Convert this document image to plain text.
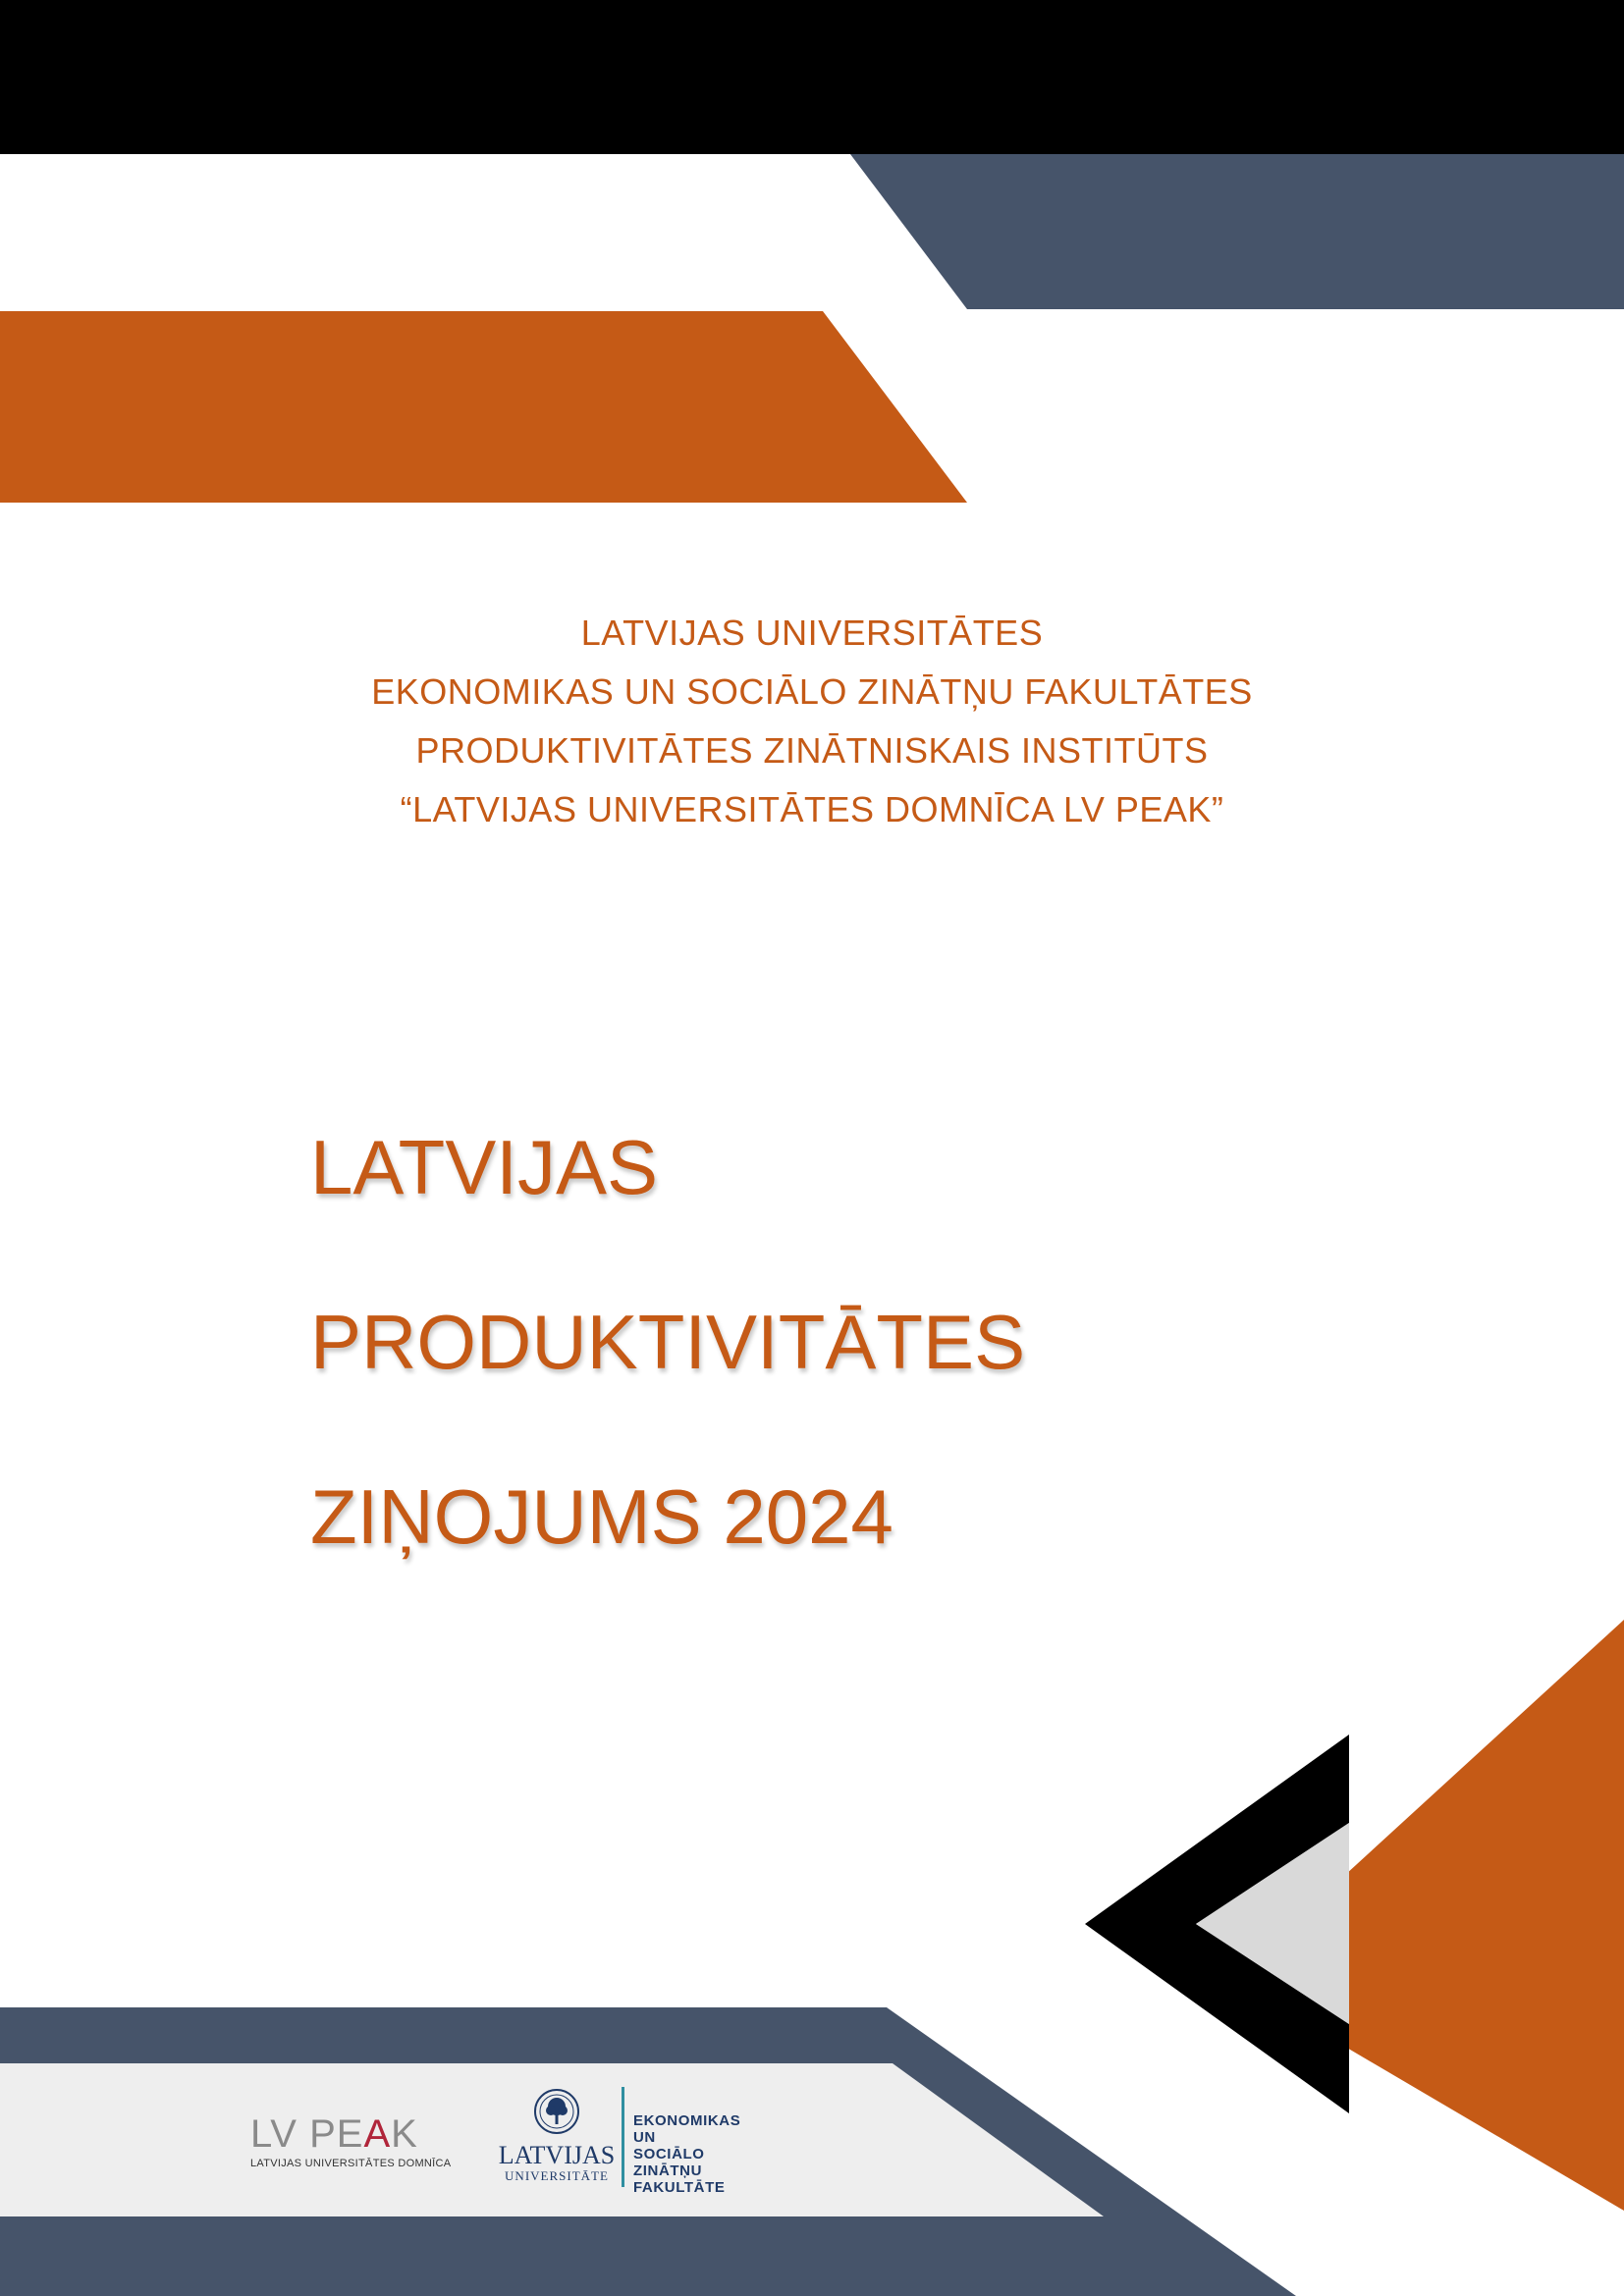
LATVIJAS UNIVERSITĀTES
EKONOMIKAS UN SOCIĀLO ZINĀTŅU FAKULTĀTES
PRODUKTIVITĀTES ZINĀTNISKAIS INSTITŪTS
“LATVIJAS UNIVERSITĀTES DOMNĪCA LV PEAK”
LATVIJAS
PRODUKTIVITĀTES
ZIŅOJUMS 2024
LV PEAK
LATVIJAS UNIVERSITĀTES DOMNĪCA	LATVIJAS
UNIVERSITĀTE
EKONOMIKAS UN
SOCIĀLO ZINĀTŅU
FAKULTĀTE
